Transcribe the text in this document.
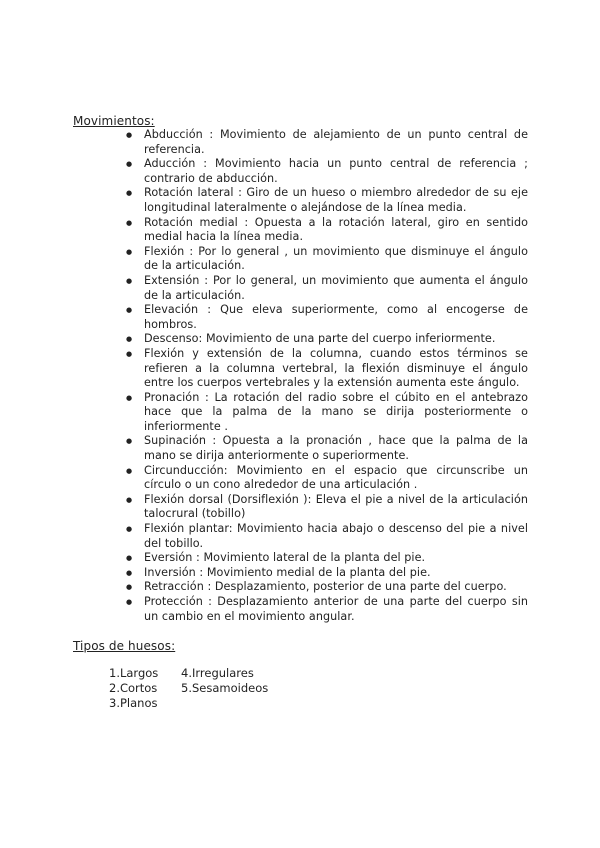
Movimientos:
● Abducción : Movimiento de alejamiento de un punto central de referencia.
● Aducción : Movimiento hacia un punto central de referencia ; contrario de abducción.
● Rotación lateral : Giro de un hueso o miembro alrededor de su eje longitudinal lateralmente o alejándose de la línea media.
● Rotación medial : Opuesta a la rotación lateral, giro en sentido medial hacia la línea media.
● Flexión : Por lo general , un movimiento que disminuye el ángulo de la articulación.
● Extensión : Por lo general, un movimiento que aumenta el ángulo de la articulación.
● Elevación : Que eleva superiormente, como al encogerse de hombros.
● Descenso: Movimiento de una parte del cuerpo inferiormente.
● Flexión y extensión de la columna, cuando estos términos se refieren a la columna vertebral, la flexión disminuye el ángulo entre los cuerpos vertebrales y la extensión aumenta este ángulo.
● Pronación : La rotación del radio sobre el cúbito en el antebrazo hace que la palma de la mano se dirija posteriormente o inferiormente .
● Supinación : Opuesta a la pronación , hace que la palma de la mano se dirija anteriormente o superiormente.
● Circunducción: Movimiento en el espacio que circunscribe un círculo o un cono alrededor de una articulación .
● Flexión dorsal (Dorsiflexión ): Eleva el pie a nivel de la articulación talocrural (tobillo)
● Flexión plantar: Movimiento hacia abajo o descenso del pie a nivel del tobillo.
● Eversión : Movimiento lateral de la planta del pie.
● Inversión : Movimiento medial de la planta del pie.
● Retracción : Desplazamiento, posterior de una parte del cuerpo.
● Protección : Desplazamiento anterior de una parte del cuerpo sin un cambio en el movimiento angular.
Tipos de huesos:
1.Largos
2.Cortos
3.Planos
4.Irregulares
5.Sesamoideos
